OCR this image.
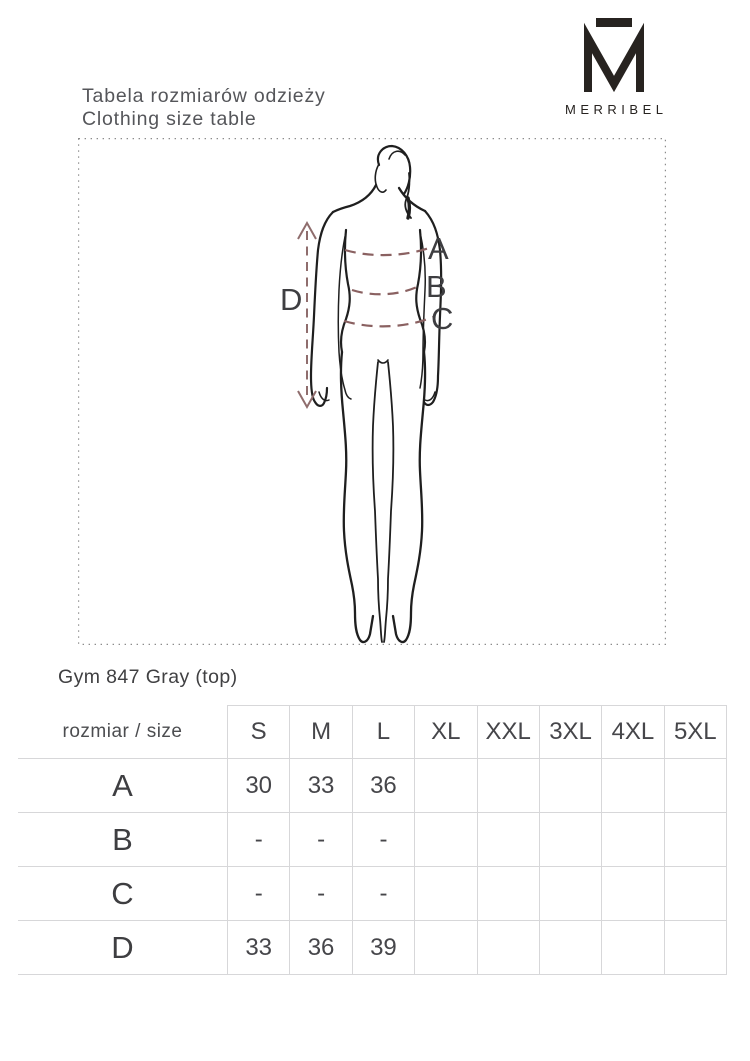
MERRIBEL
Tabela rozmiarów odzieży
Clothing size table
A
B
C
D
Gym 847 Gray (top)
rozmiar / size	S	M	L	XL	XXL	3XL	4XL	5XL
A	30	33	36					
B	-	-	-					
C	-	-	-					
D	33	36	39					
